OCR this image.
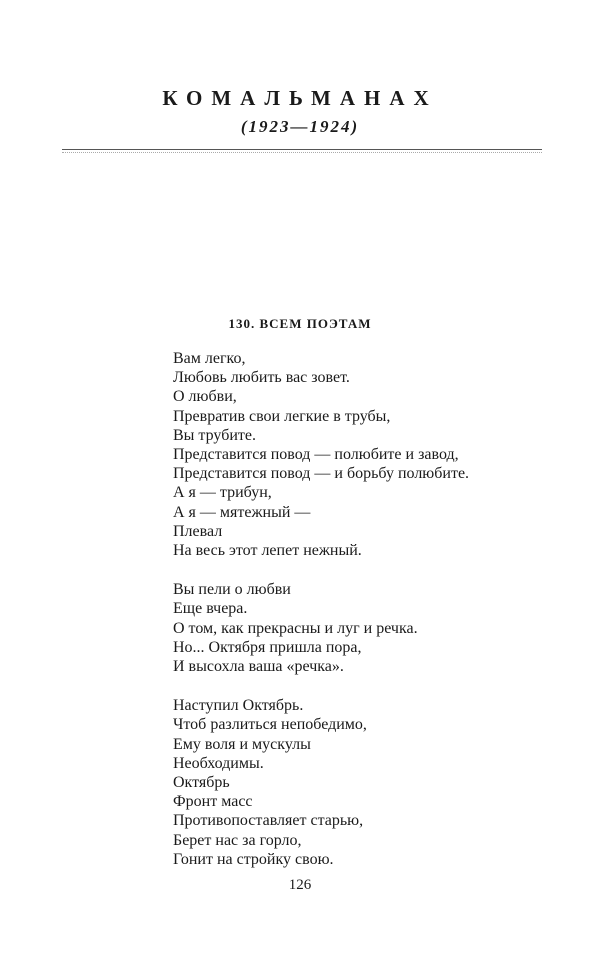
КОМАЛЬМАНАХ

(1923—1924)

130. ВСЕМ ПОЭТАМ
Вам легко,
Любовь любить вас зовет.
О любви,
Превратив свои легкие в трубы,
Вы трубите.
Представится повод — полюбите и завод,
Представится повод — и борьбу полюбите.
А я — трибун,
А я — мятежный —
Плевал
На весь этот лепет нежный.
Вы пели о любви
Еще вчера.
О том, как прекрасны и луг и речка.
Но... Октября пришла пора,
И высохла ваша «речка».
Наступил Октябрь.
Чтоб разлиться непобедимо,
Ему воля и мускулы
Необходимы.
Октябрь
Фронт масс
Противопоставляет старью,
Берет нас за горло,
Гонит на стройку свою.

126
